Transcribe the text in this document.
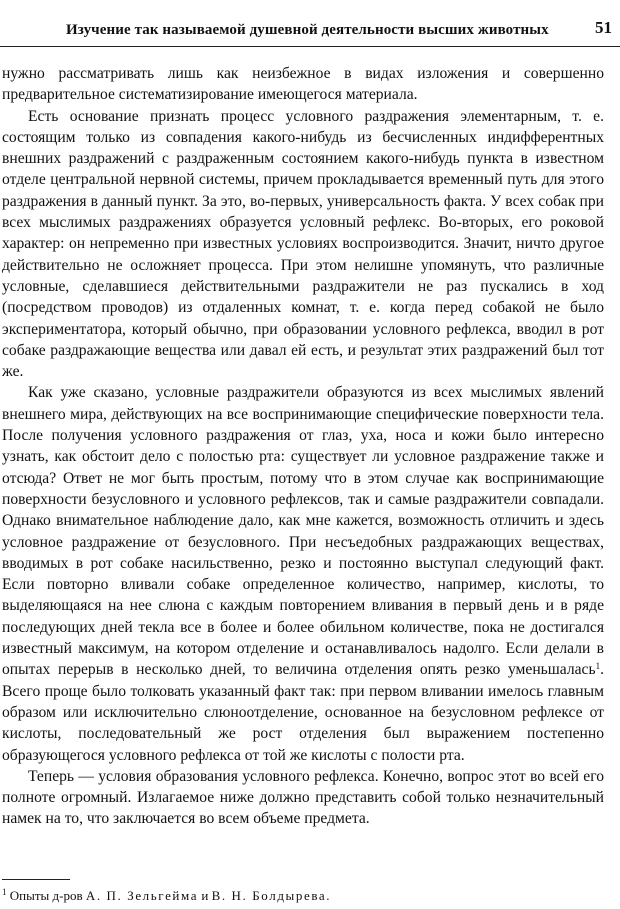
Изучение так называемой душевной деятельности высших животных	51

нужно рассматривать лишь как неизбежное в видах изложения и совершенно предварительное систематизирование имеющегося материала.

Есть основание признать процесс условного раздражения элементарным, т. е. состоящим только из совпадения какого-нибудь из бесчисленных индифферентных внешних раздражений с раздраженным состоянием какого-нибудь пункта в известном отделе центральной нервной системы, причем прокладывается временный путь для этого раздражения в данный пункт. За это, во-первых, универсальность факта. У всех собак при всех мыслимых раздражениях образуется условный рефлекс. Во-вторых, его роковой характер: он непременно при известных условиях воспроизводится. Значит, ничто другое действительно не осложняет процесса. При этом нелишне упомянуть, что различные условные, сделавшиеся действительными раздражители не раз пускались в ход (посредством проводов) из отдаленных комнат, т. е. когда перед собакой не было экспериментатора, который обычно, при образовании условного рефлекса, вводил в рот собаке раздражающие вещества или давал ей есть, и результат этих раздражений был тот же.

Как уже сказано, условные раздражители образуются из всех мыслимых явлений внешнего мира, действующих на все воспринимающие специфические поверхности тела. После получения условного раздражения от глаз, уха, носа и кожи было интересно узнать, как обстоит дело с полостью рта: существует ли условное раздражение также и отсюда? Ответ не мог быть простым, потому что в этом случае как воспринимающие поверхности безусловного и условного рефлексов, так и самые раздражители совпадали. Однако внимательное наблюдение дало, как мне кажется, возможность отличить и здесь условное раздражение от безусловного. При несъедобных раздражающих веществах, вводимых в рот собаке насильственно, резко и постоянно выступал следующий факт. Если повторно вливали собаке определенное количество, например, кислоты, то выделяющаяся на нее слюна с каждым повторением вливания в первый день и в ряде последующих дней текла все в более и более обильном количестве, пока не достигался известный максимум, на котором отделение и останавливалось надолго. Если делали в опытах перерыв в несколько дней, то величина отделения опять резко уменьшалась$^1$. Всего проще было толковать указанный факт так: при первом вливании имелось главным образом или исключительно слюноотделение, основанное на безусловном рефлексе от кислоты, последовательный же рост отделения был выражением постепенно образующегося условного рефлекса от той же кислоты с полости рта.

Теперь — условия образования условного рефлекса. Конечно, вопрос этот во всей его полноте огромный. Излагаемое ниже должно представить собой только незначительный намек на то, что заключается во всем объеме предмета.

$^1$ Опыты д-ров А. П. Зельгейма и В. Н. Болдырева.
